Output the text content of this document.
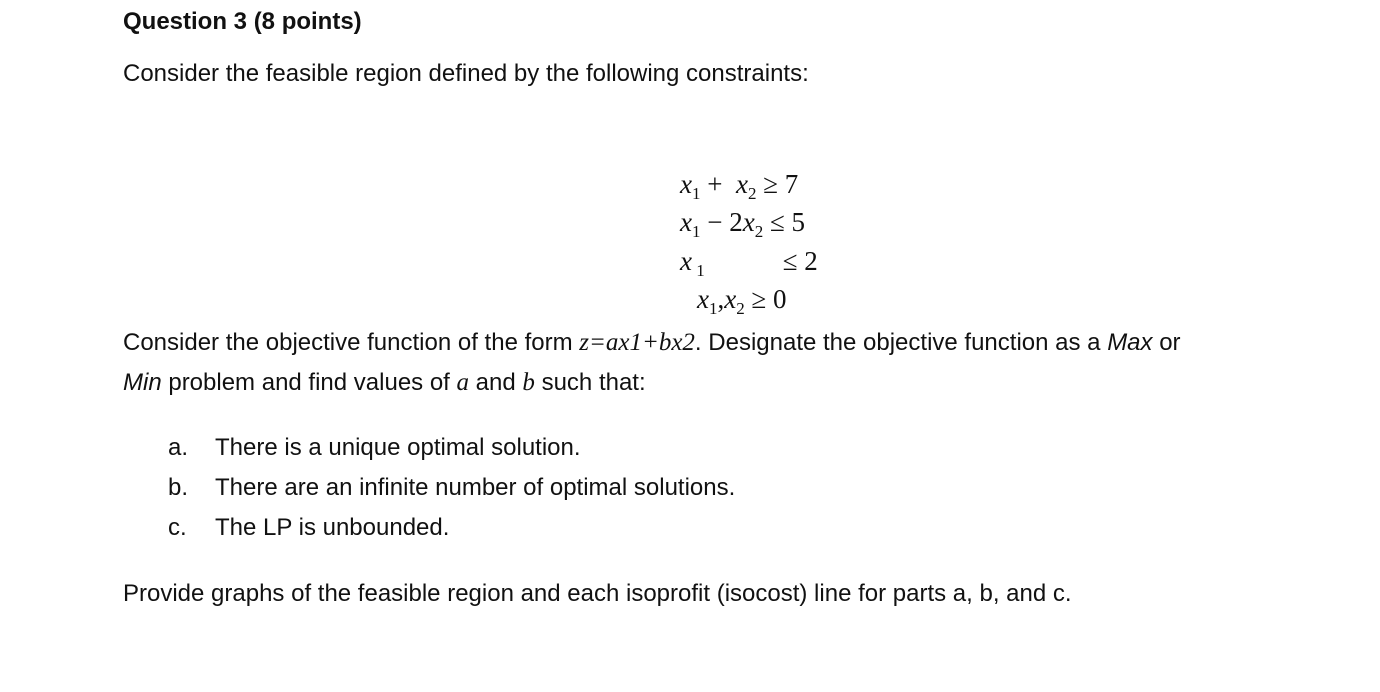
Question 3 (8 points)
Consider the feasible region defined by the following constraints:

$x_1 + x_2 \ge 7$

$x_1 - 2x_2 \le 5$

x $_1$	≤ 2

$x_1,x_2 \ge 0$

Consider the objective function of the form z=ax1+bx2. Designate the objective function as a Max or
Min problem and find values of a and b such that:
a. There is a unique optimal solution.
b. There are an infinite number of optimal solutions.
c. The LP is unbounded.
Provide graphs of the feasible region and each isoprofit (isocost) line for parts a, b, and c.
